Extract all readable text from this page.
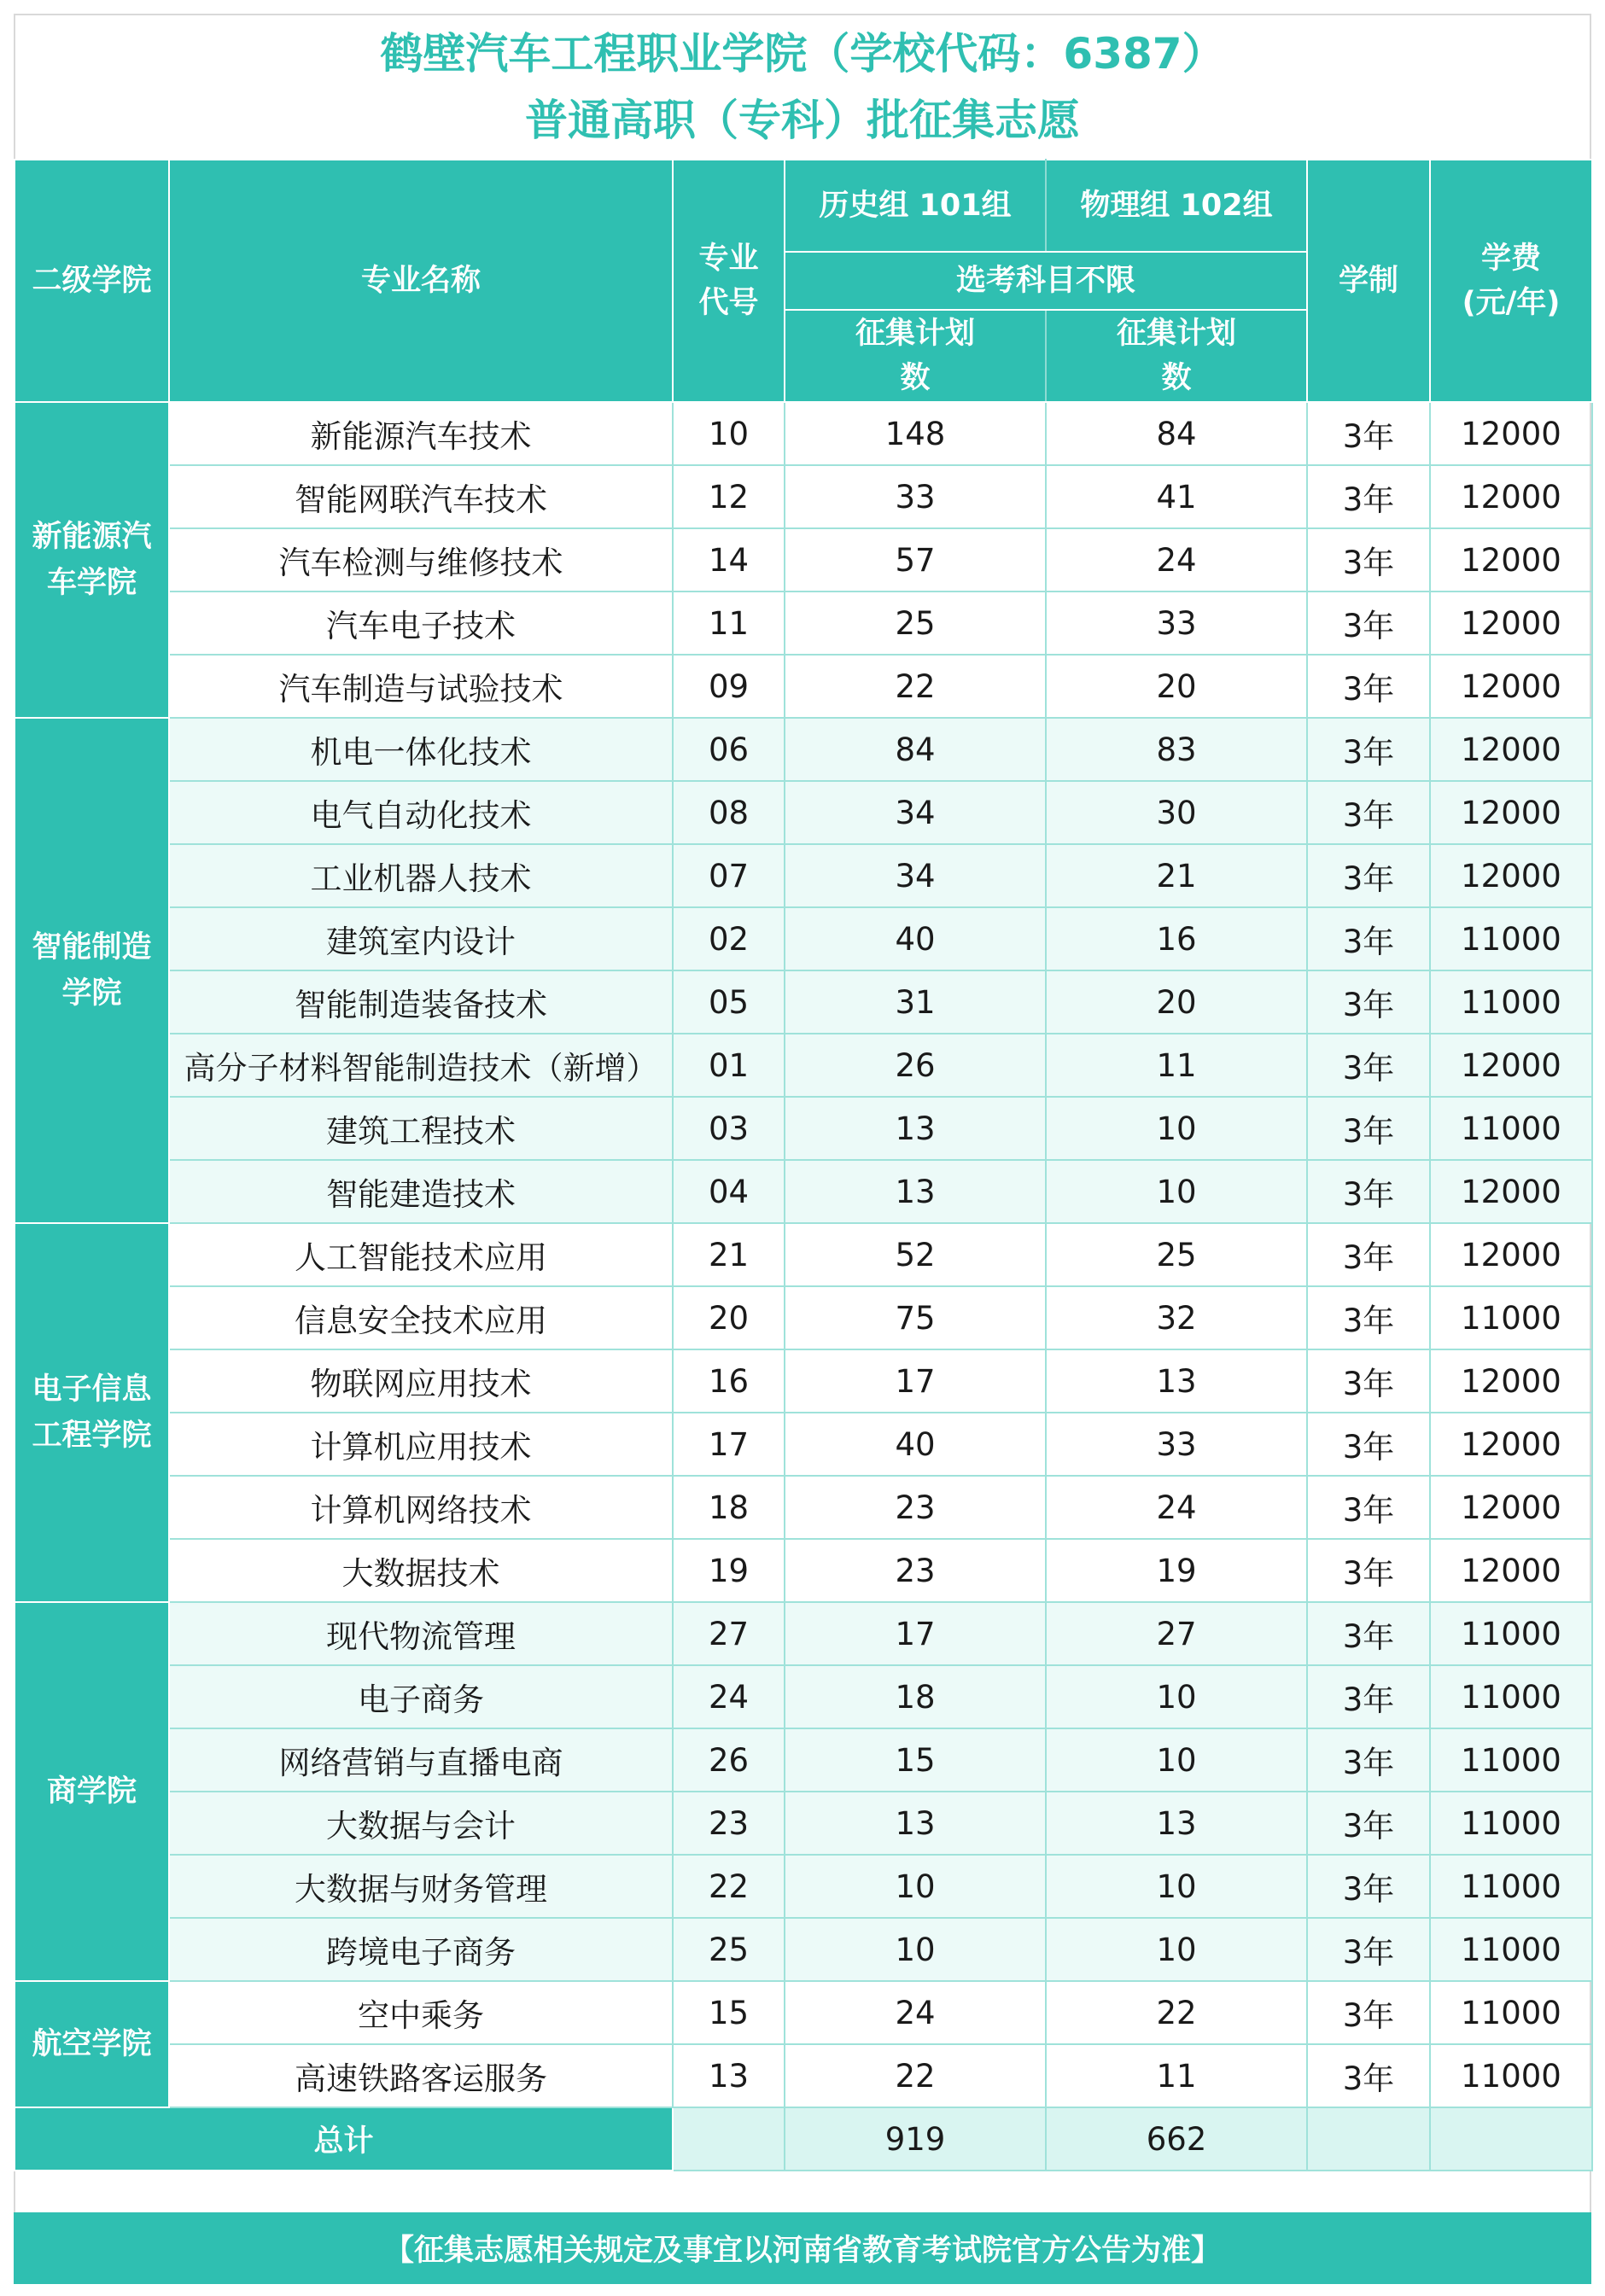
鹤壁汽车工程职业学院（学校代码：6387）
普通高职（专科）批征集志愿
二级学院	专业名称	专业代号	历史组 101组	物理组 102组	学制	学费(元/年)
			选考科目不限			
			征集计划数	征集计划数		
新能源汽车学院	新能源汽车技术	10	148	84	3年	12000
	智能网联汽车技术	12	33	41	3年	12000
	汽车检测与维修技术	14	57	24	3年	12000
	汽车电子技术	11	25	33	3年	12000
	汽车制造与试验技术	09	22	20	3年	12000
智能制造学院	机电一体化技术	06	84	83	3年	12000
	电气自动化技术	08	34	30	3年	12000
	工业机器人技术	07	34	21	3年	12000
	建筑室内设计	02	40	16	3年	11000
	智能制造装备技术	05	31	20	3年	11000
	高分子材料智能制造技术（新增）	01	26	11	3年	12000
	建筑工程技术	03	13	10	3年	11000
	智能建造技术	04	13	10	3年	12000
电子信息工程学院	人工智能技术应用	21	52	25	3年	12000
	信息安全技术应用	20	75	32	3年	11000
	物联网应用技术	16	17	13	3年	12000
	计算机应用技术	17	40	33	3年	12000
	计算机网络技术	18	23	24	3年	12000
	大数据技术	19	23	19	3年	12000
商学院	现代物流管理	27	17	27	3年	11000
	电子商务	24	18	10	3年	11000
	网络营销与直播电商	26	15	10	3年	11000
	大数据与会计	23	13	13	3年	11000
	大数据与财务管理	22	10	10	3年	11000
	跨境电子商务	25	10	10	3年	11000
航空学院	空中乘务	15	24	22	3年	11000
	高速铁路客运服务	13	22	11	3年	11000
总计			919	662		
【征集志愿相关规定及事宜以河南省教育考试院官方公告为准】
